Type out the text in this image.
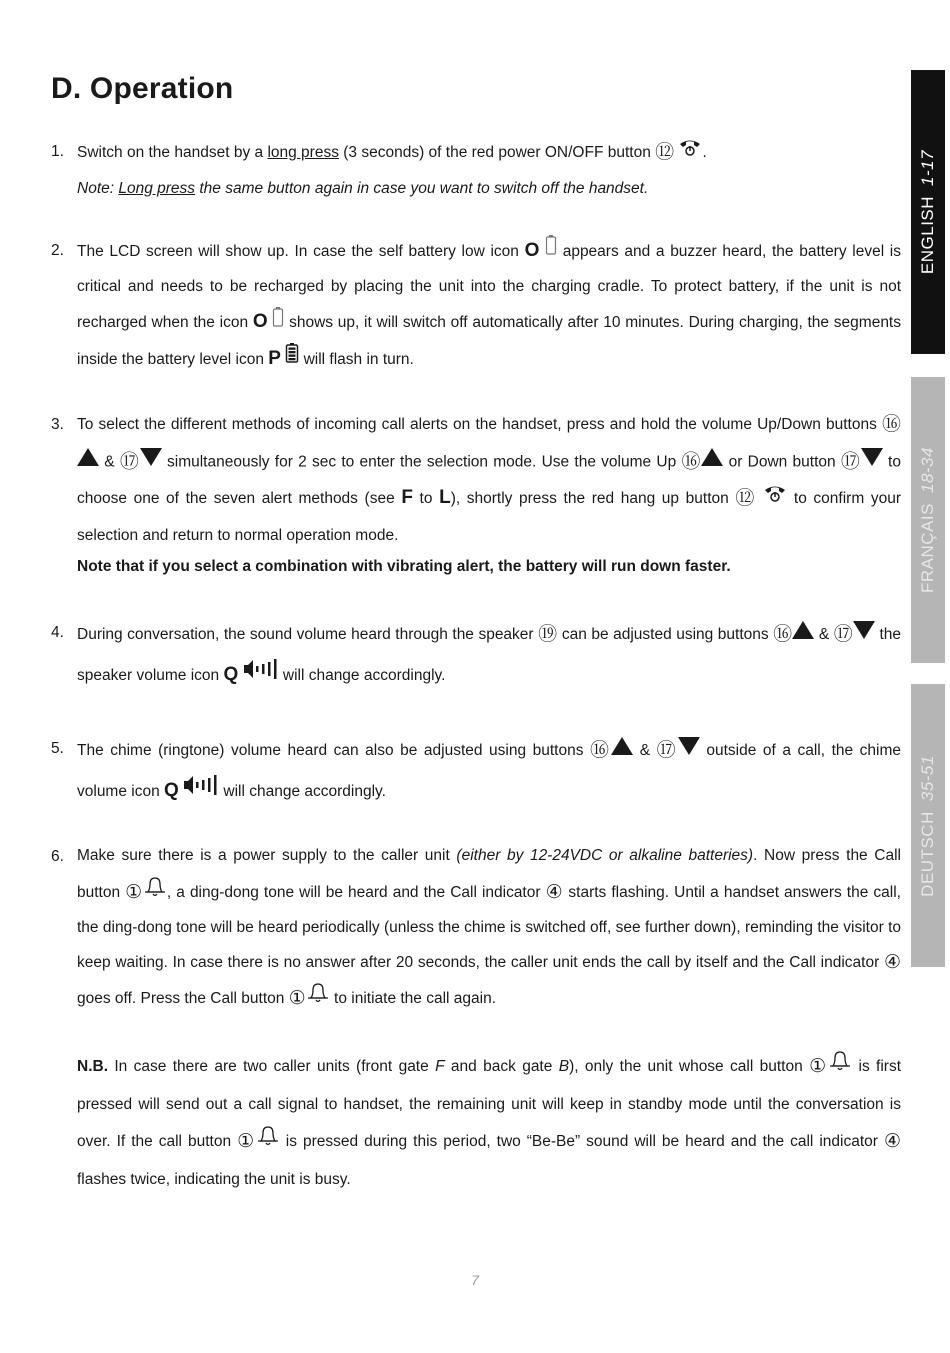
D. Operation
ENGLISH1-17
FRANÇAIS18-34
DEUTSCH35-51
1. Switch on the handset by a long press (3 seconds) of the red power ON/OFF button ⑫ .
Note: Long press the same button again in case you want to switch off the handset.
2. The LCD screen will show up. In case the self battery low icon O  appears and a buzzer heard, the battery level is critical and needs to be recharged by placing the unit into the charging cradle. To protect battery, if the unit is not recharged when the icon O  shows up, it will switch off automatically after 10 minutes. During charging, the segments inside the battery level icon P  will flash in turn.
3. To select the different methods of incoming call alerts on the handset, press and hold the volume Up/Down buttons ⑯ & ⑰ simultaneously for 2 sec to enter the selection mode. Use the volume Up ⑯ or Down button ⑰ to choose one of the seven alert methods (see F to L), shortly press the red hang up button ⑫  to confirm your selection and return to normal operation mode.
Note that if you select a combination with vibrating alert, the battery will run down faster.
4. During conversation, the sound volume heard through the speaker ⑲ can be adjusted using buttons ⑯ & ⑰ the speaker volume icon Q	will change accordingly.
5. The chime (ringtone) volume heard can also be adjusted using buttons ⑯ & ⑰ outside of a call, the chime volume icon Q	will change accordingly.
6. Make sure there is a power supply to the caller unit (either by 12-24VDC or alkaline batteries). Now press the Call button ① , a ding-dong tone will be heard and the Call indicator ④ starts flashing. Until a handset answers the call, the ding-dong tone will be heard periodically (unless the chime is switched off, see further down), reminding the visitor to keep waiting. In case there is no answer after 20 seconds, the caller unit ends the call by itself and the Call indicator ④ goes off. Press the Call button ① to initiate the call again.
N.B. In case there are two caller units (front gate F and back gate B), only the unit whose call button ① is first pressed will send out a call signal to handset, the remaining unit will keep in standby mode until the conversation is over. If the call button ① is pressed during this period, two “Be-Be” sound will be heard and the call indicator ④ flashes twice, indicating the unit is busy.
7
